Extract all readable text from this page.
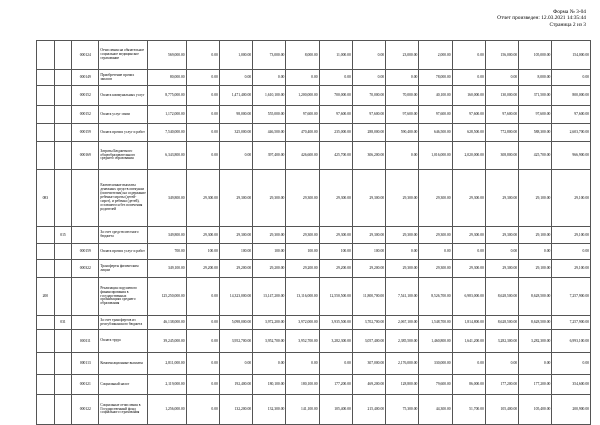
Форма № 3-04
Отчет произведен: 12.03.2021 14:35:44
Страница 2 из 3
		000124	Отчисления на обязательное социальное медицинское страхование	569,000.00	0.00	1,000.00	73,000.00	8,000.00	11,000.00	0.00	23,000.00	2,000.00	0.00	156,000.00	105,000.00	154,000.00
		000149	Приобретение прочих запасов	80,000.00	0.00	0.00	0.00	0.00	0.00	0.00	0.00	78,000.00	0.00	0.00	8,000.00	0.00
		000152	Оплата коммунальных услуг	8,775,000.00	0.00	1,471,400.00	1,610,100.00	1,200,000.00	700,000.00	70,000.00	70,000.00	40,100.00	160,000.00	130,000.00	371,500.00	800,000.00
		000152	Оплата услуг связи	1,172,000.00	0.00	98,000.00	555,000.00	97,600.00	97,600.00	97,600.00	97,600.00	97,600.00	97,600.00	97,600.00	97,600.00	97,600.00
		000159	Оплата прочих услуг и работ	7,540,000.00	0.00	325,000.00	446,500.00	470,400.00	235,000.00	288,000.00	590,400.00	646,500.00	628,500.00	772,800.00	588,300.00	2,603,700.00
		000169	Затраты Бюджетного общеобразовательного среднего образования	6,343,800.00	0.00	0.00	397,400.00	426,600.00	425,700.00	306,200.00	0.00	1,016,000.00	2,020,000.00	308,800.00	425,700.00	966,900.00
083			Ежемесячные выплаты денежных средств опекунам (попечителям) на содержание ребенка-сироты (детей-сирот), и ребенка (детей), оставшегося без попечения родителей	349,800.00	29,300.00	29,300.00	29,300.00	29,300.00	29,300.00	29,300.00	29,300.00	29,300.00	29,300.00	29,300.00	29,100.00	29,100.00
	015		За счет средств местного бюджета	349,800.00	29,300.00	29,300.00	29,300.00	29,300.00	29,300.00	29,300.00	29,300.00	29,300.00	29,300.00	29,300.00	29,100.00	29,100.00
		000159	Оплата прочих услуг и работ	700.00	100.00	100.00	100.00	100.00	100.00	100.00	0.00	0.00	0.00	0.00	0.00	0.00
		000322	Трансферты физическим лицам	349,100.00	29,200.00	29,200.00	29,200.00	29,200.00	29,200.00	29,200.00	29,300.00	29,300.00	29,300.00	29,300.00	29,100.00	29,100.00
200			Реализация подушевого финансирования в государственных организациях среднего образования	125,250,000.00	0.00	14,323,000.00	13,147,200.00	13,116,000.00	12,550,500.00	11,800,700.00	7,541,100.00	8,526,700.00	6,983,000.00	8,628,500.00	8,628,500.00	7,257,900.00
	031		За счет трансфертов из республиканского бюджета	46,138,000.00	0.00	5,098,000.00	3,972,200.00	3,972,000.00	3,935,500.00	3,702,700.00	2,067,100.00	1,548,700.00	1,814,800.00	8,628,500.00	8,628,500.00	7,257,900.00
		000111	Оплата труда	39,245,000.00	0.00	3,952,700.00	3,952,700.00	3,952,700.00	3,282,300.00	3,057,400.00	2,385,500.00	1,460,800.00	1,641,200.00	3,282,300.00	3,282,300.00	6,993,100.00
		000113	Компенсационные выплаты	2,811,000.00	0.00	0.00	0.00	0.00	0.00	307,000.00	2,176,000.00	330,000.00	0.00	0.00	0.00	0.00
		000121	Социальный налог	2,119,000.00	0.00	192,400.00	180,100.00	180,100.00	177,200.00	469,200.00	128,800.00	79,600.00	86,000.00	177,200.00	177,200.00	354,600.00
		000122	Социальные отчисления в Государственный фонд социального страхования	1,256,000.00	0.00	132,200.00	132,300.00	141,100.00	105,400.00	215,400.00	75,300.00	44,300.00	51,700.00	105,400.00	105,400.00	200,900.00
